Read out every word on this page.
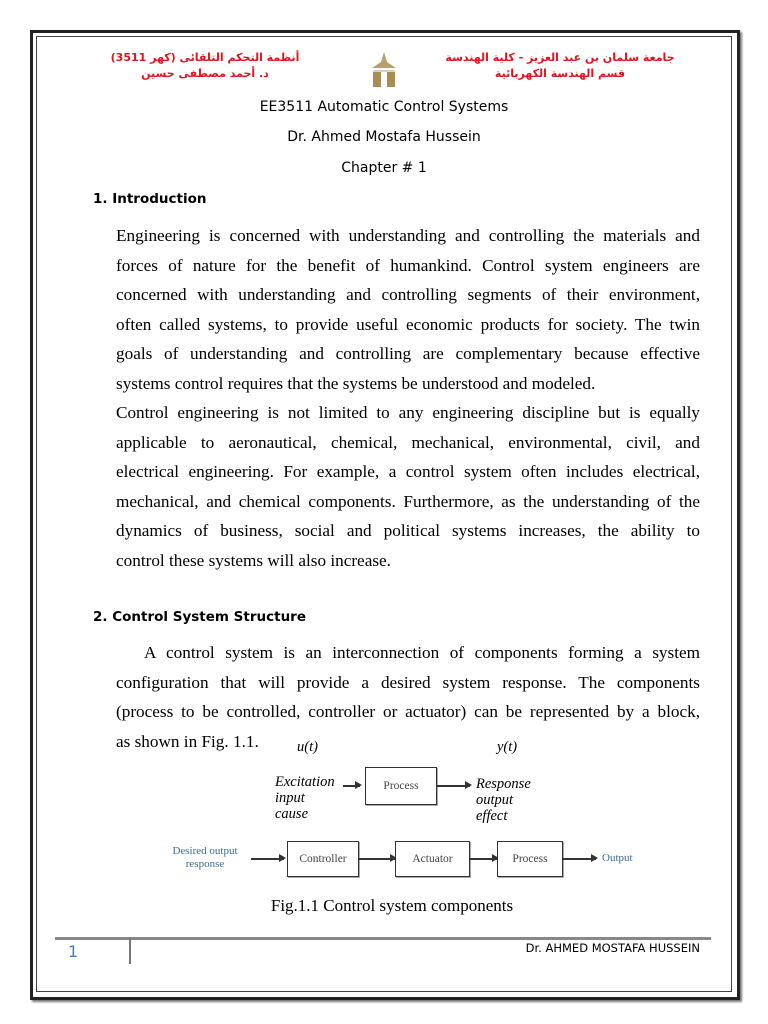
جامعة سلمان بن عبد العزيز - كلية الهندسة
قسم الهندسة الكهربائية
أنظمة التحكم التلقائى (كهر 3511)
د. أحمد مصطفى حسين
EE3511 Automatic Control Systems
Dr. Ahmed Mostafa Hussein
Chapter # 1
1. Introduction
Engineering is concerned with understanding and controlling the materials and
forces of nature for the benefit of humankind. Control system engineers are
concerned with understanding and controlling segments of their environment,
often called systems, to provide useful economic products for society. The twin
goals of understanding and controlling are complementary because effective
systems control requires that the systems be understood and modeled.
Control engineering is not limited to any engineering discipline but is equally
applicable to aeronautical, chemical, mechanical, environmental, civil, and
electrical engineering. For example, a control system often includes electrical,
mechanical, and chemical components. Furthermore, as the understanding of the
dynamics of business, social and political systems increases, the ability to
control these systems will also increase.
2. Control System Structure
A control system is an interconnection of components forming a system
configuration that will provide a desired system response. The components
(process to be controlled, controller or actuator) can be represented by a block,
as shown in Fig. 1.1.	u(t)	y(t)
Excitation
input
cause
Process	Response
output
effect
Desired output
response	Controller	Actuator	Process	Output
Fig.1.1 Control system components
1	Dr. AHMED MOSTAFA HUSSEIN
